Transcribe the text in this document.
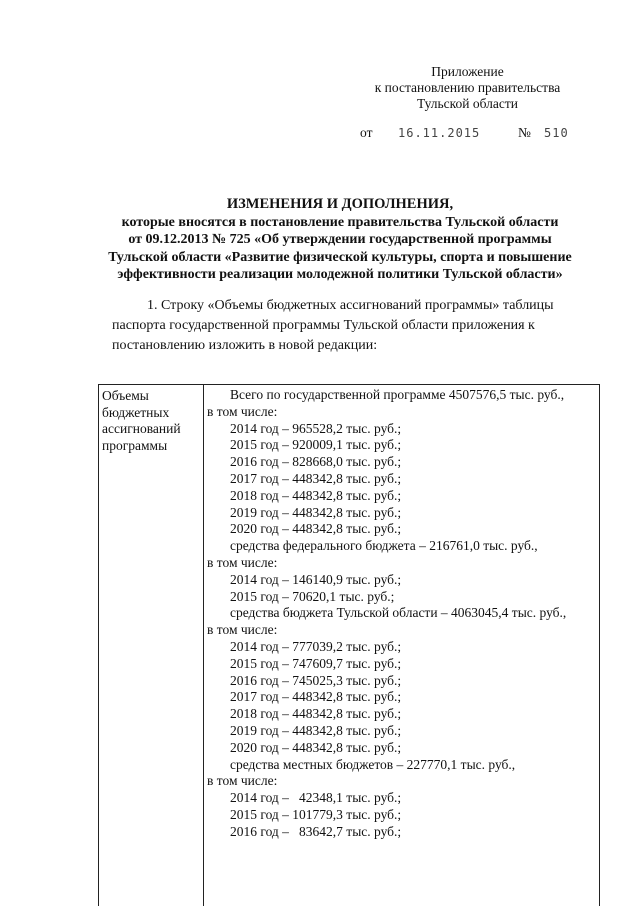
Приложение
к постановлению правительства
Тульской области
от 16.11.2015	№ 510
ИЗМЕНЕНИЯ И ДОПОЛНЕНИЯ,
которые вносятся в постановление правительства Тульской области
от 09.12.2013 № 725 «Об утверждении государственной программы
Тульской области «Развитие физической культуры, спорта и повышение
эффективности реализации молодежной политики Тульской области»
1. Строку «Объемы бюджетных ассигнований программы» таблицы
паспорта государственной программы Тульской области приложения к
постановлению изложить в новой редакции:
Объемы
бюджетных
ассигнований
программы
Всего по государственной программе 4507576,5 тыс. руб.,
в том числе:
2014 год – 965528,2 тыс. руб.;
2015 год – 920009,1 тыс. руб.;
2016 год – 828668,0 тыс. руб.;
2017 год – 448342,8 тыс. руб.;
2018 год – 448342,8 тыс. руб.;
2019 год – 448342,8 тыс. руб.;
2020 год – 448342,8 тыс. руб.;
средства федерального бюджета – 216761,0 тыс. руб.,
в том числе:
2014 год – 146140,9 тыс. руб.;
2015 год – 70620,1 тыс. руб.;
средства бюджета Тульской области – 4063045,4 тыс. руб.,
в том числе:
2014 год – 777039,2 тыс. руб.;
2015 год – 747609,7 тыс. руб.;
2016 год – 745025,3 тыс. руб.;
2017 год – 448342,8 тыс. руб.;
2018 год – 448342,8 тыс. руб.;
2019 год – 448342,8 тыс. руб.;
2020 год – 448342,8 тыс. руб.;
средства местных бюджетов – 227770,1 тыс. руб.,
в том числе:
2014 год –   42348,1 тыс. руб.;
2015 год – 101779,3 тыс. руб.;
2016 год –   83642,7 тыс. руб.;
